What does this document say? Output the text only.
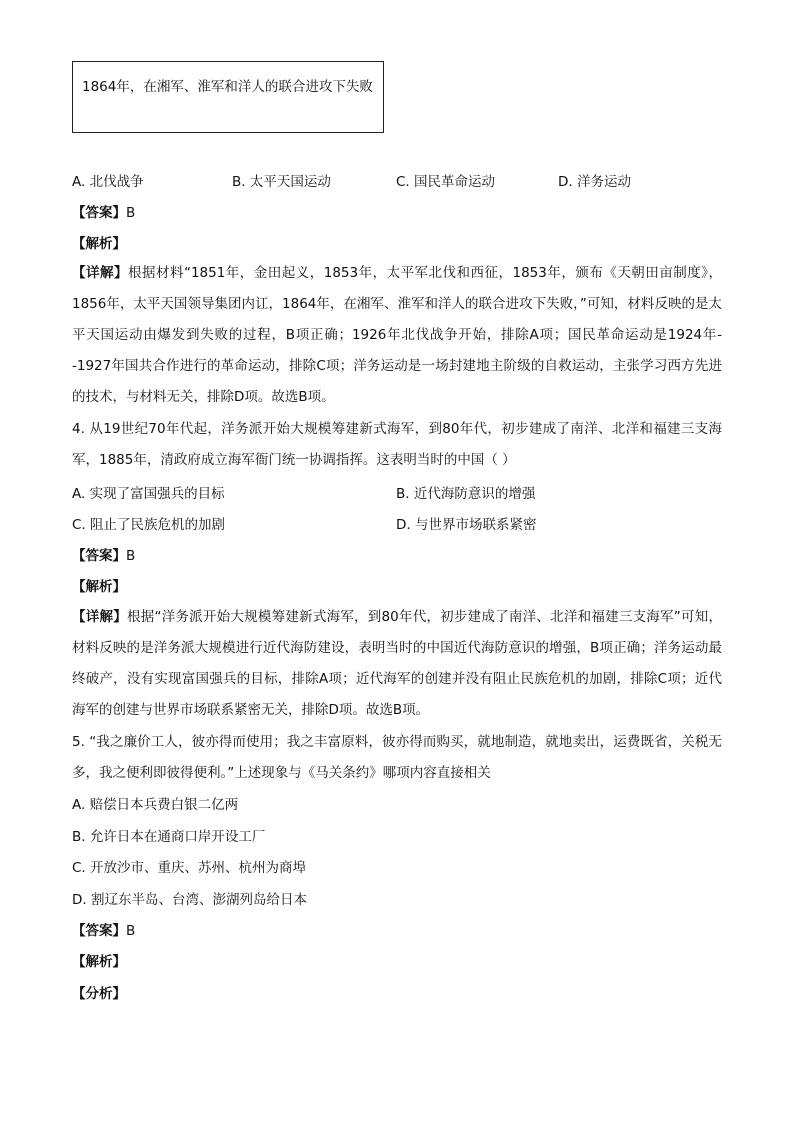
1864年，在湘军、淮军和洋人的联合进攻下失败
A. 北伐战争	B. 太平天国运动	C. 国民革命运动	D. 洋务运动
【答案】B
【解析】
【详解】根据材料“1851年，金田起义，1853年，太平军北伐和西征，1853年，颁布《天朝田亩制度》，1856年，太平天国领导集团内讧，1864年，在湘军、淮军和洋人的联合进攻下失败，”可知，材料反映的是太平天国运动由爆发到失败的过程，B项正确；1926年北伐战争开始，排除A项；国民革命运动是1924年--1927年国共合作进行的革命运动，排除C项；洋务运动是一场封建地主阶级的自救运动，主张学习西方先进的技术，与材料无关，排除D项。故选B项。
4. 从19世纪70年代起，洋务派开始大规模筹建新式海军，到80年代，初步建成了南洋、北洋和福建三支海军，1885年，清政府成立海军衙门统一协调指挥。这表明当时的中国（ ）
A. 实现了富国强兵的目标	B. 近代海防意识的增强
C. 阻止了民族危机的加剧	D. 与世界市场联系紧密
【答案】B
【解析】
【详解】根据“洋务派开始大规模筹建新式海军，到80年代，初步建成了南洋、北洋和福建三支海军”可知，材料反映的是洋务派大规模进行近代海防建设，表明当时的中国近代海防意识的增强，B项正确；洋务运动最终破产，没有实现富国强兵的目标，排除A项；近代海军的创建并没有阻止民族危机的加剧，排除C项；近代海军的创建与世界市场联系紧密无关，排除D项。故选B项。
5. “我之廉价工人，彼亦得而使用；我之丰富原料，彼亦得而购买，就地制造，就地卖出，运费既省，关税无多，我之便利即彼得便利。”上述现象与《马关条约》哪项内容直接相关
A. 赔偿日本兵费白银二亿两
B. 允许日本在通商口岸开设工厂
C. 开放沙市、重庆、苏州、杭州为商埠
D. 割辽东半岛、台湾、澎湖列岛给日本
【答案】B
【解析】
【分析】
